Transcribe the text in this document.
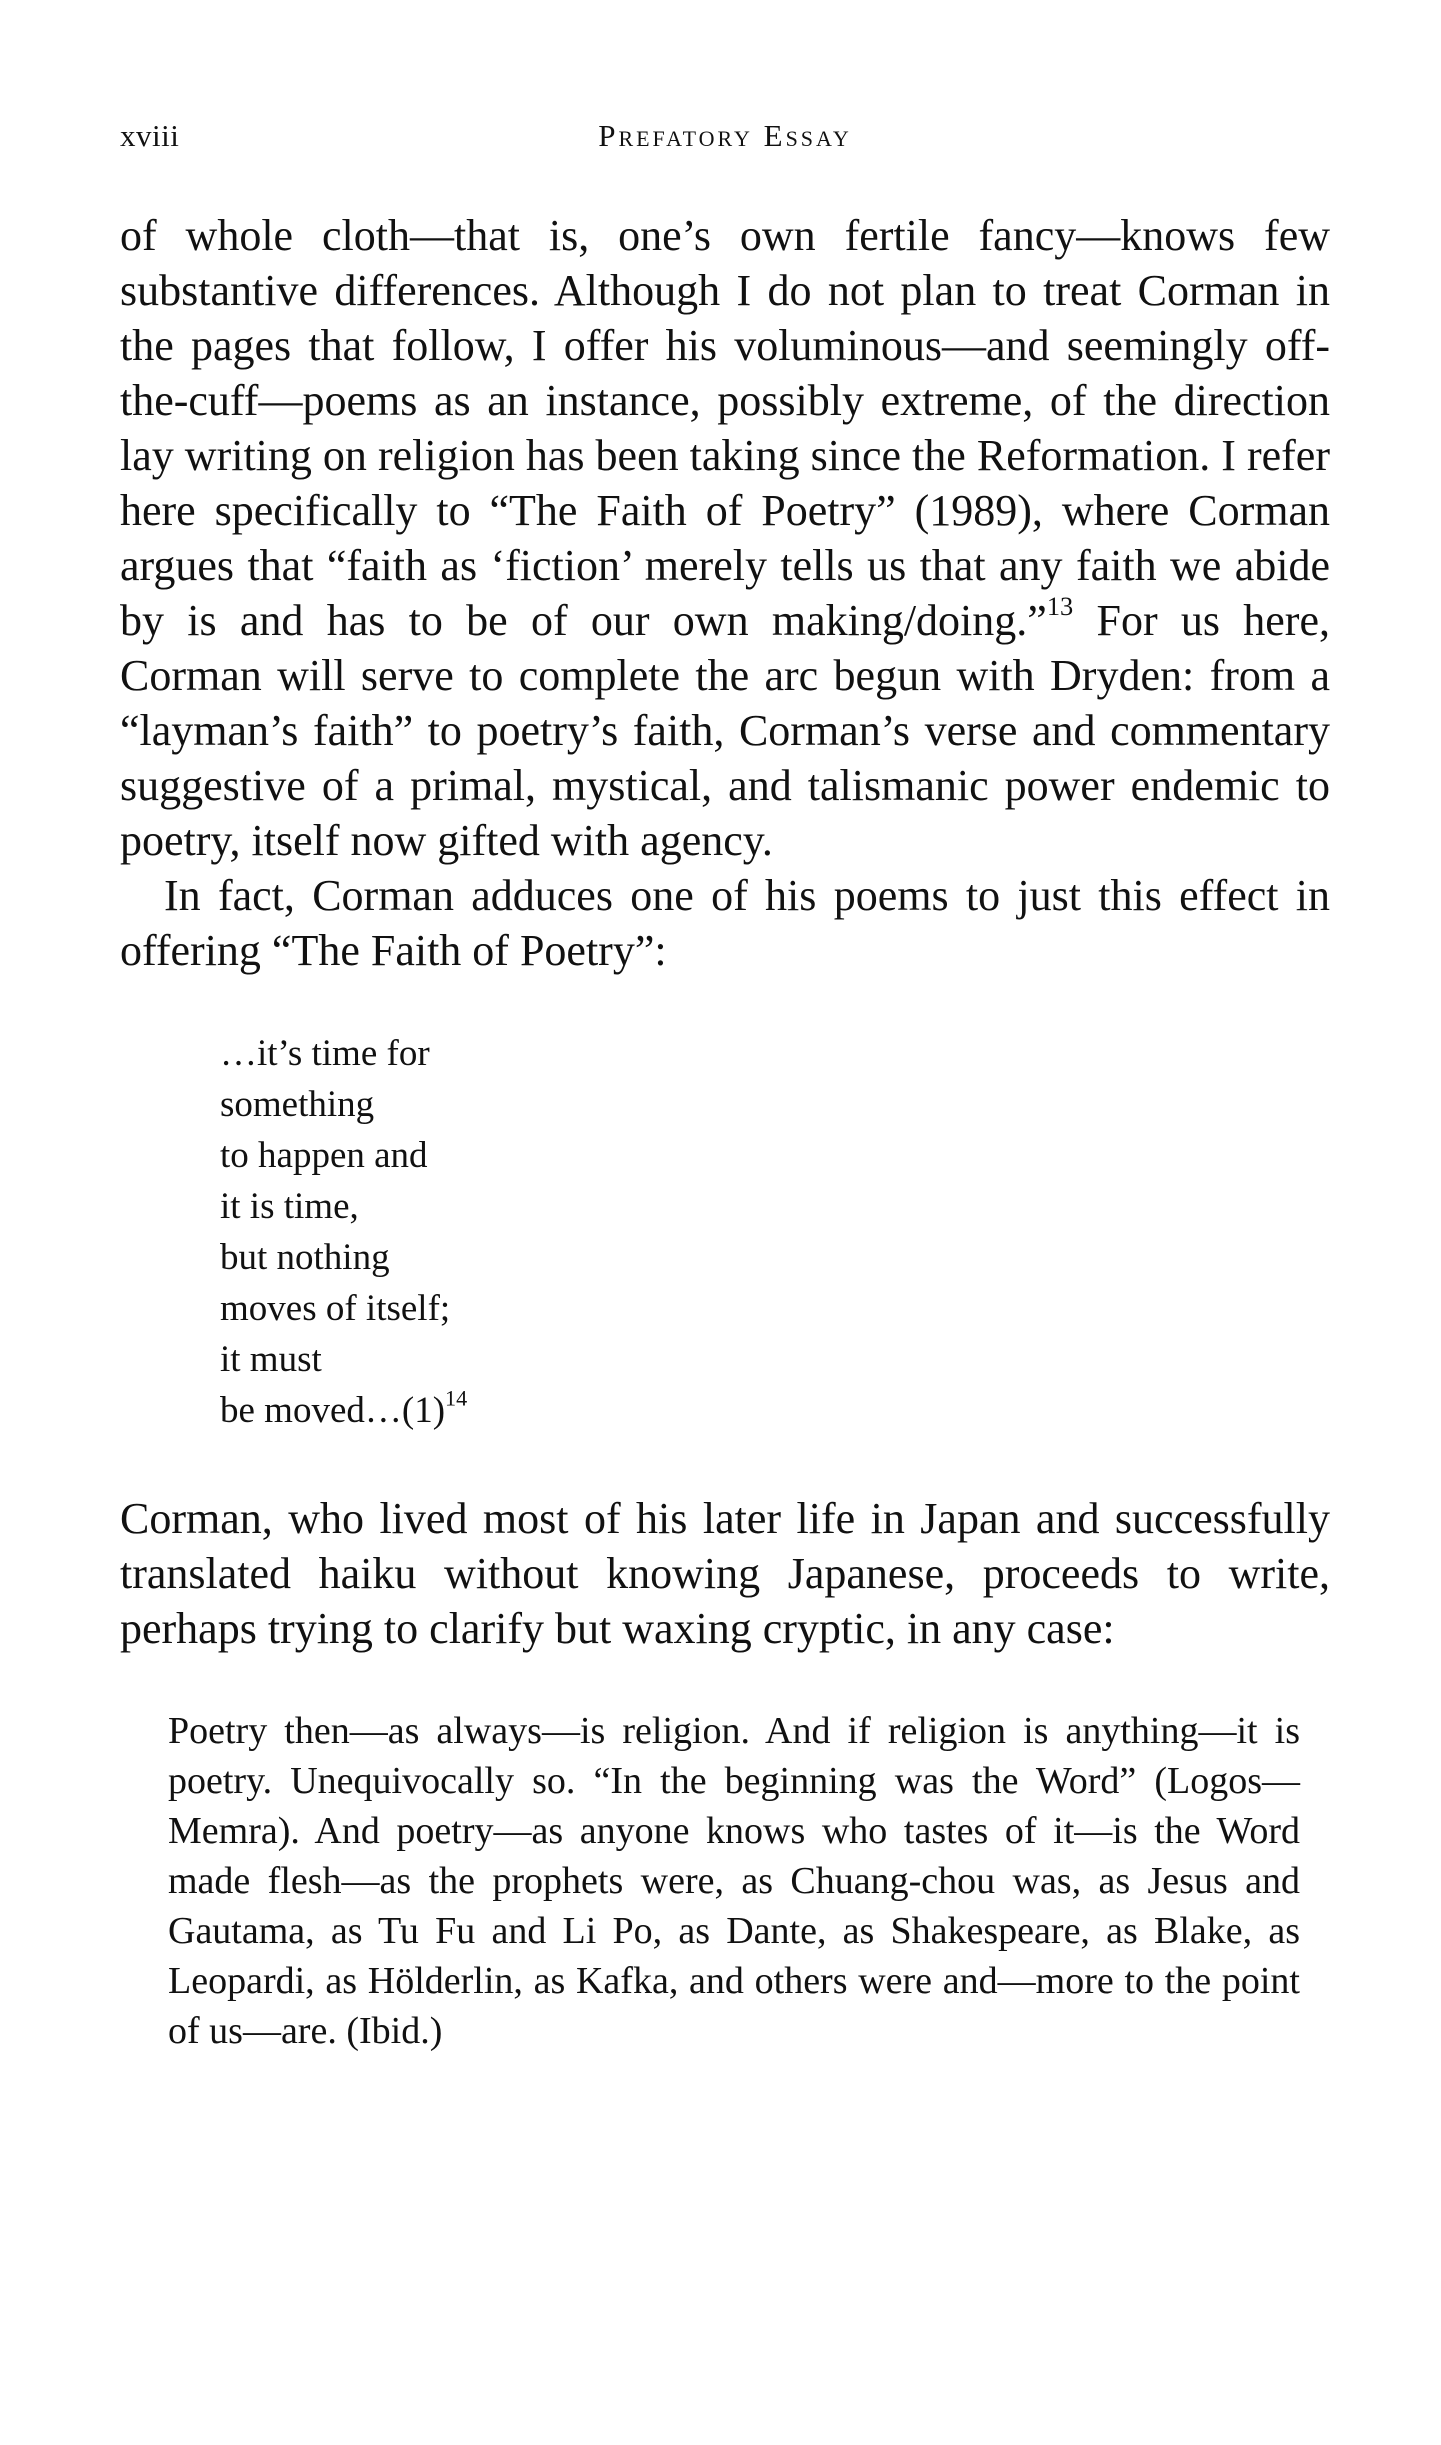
xviii	Prefatory Essay

of whole cloth—that is, one’s own fertile fancy—knows few substantive differences. Although I do not plan to treat Corman in the pages that follow, I offer his voluminous—and seemingly off-the-cuff—poems as an instance, possibly extreme, of the direction lay writing on religion has been taking since the Reformation. I refer here specifically to “The Faith of Poetry” (1989), where Corman argues that “faith as ‘fiction’ merely tells us that any faith we abide by is and has to be of our own making/doing.”$^{13}$ For us here, Corman will serve to complete the arc begun with Dryden: from a “layman’s faith” to poetry’s faith, Corman’s verse and commentary suggestive of a primal, mystical, and talismanic power endemic to poetry, itself now gifted with agency.

In fact, Corman adduces one of his poems to just this effect in offering “The Faith of Poetry”:

…it’s time for
something
to happen and
it is time,
but nothing
moves of itself;
it must
be $moved\dots(1)^{14}$

Corman, who lived most of his later life in Japan and successfully translated haiku without knowing Japanese, proceeds to write, perhaps trying to clarify but waxing cryptic, in any case:

Poetry then—as always—is religion. And if religion is anything—it is poetry. Unequivocally so. “In the beginning was the Word” (Logos—Memra). And poetry—as anyone knows who tastes of it—is the Word made flesh—as the prophets were, as Chuang-chou was, as Jesus and Gautama, as Tu Fu and Li Po, as Dante, as Shakespeare, as Blake, as Leopardi, as Hölderlin, as Kafka, and others were and—more to the point of us—are. (Ibid.)
